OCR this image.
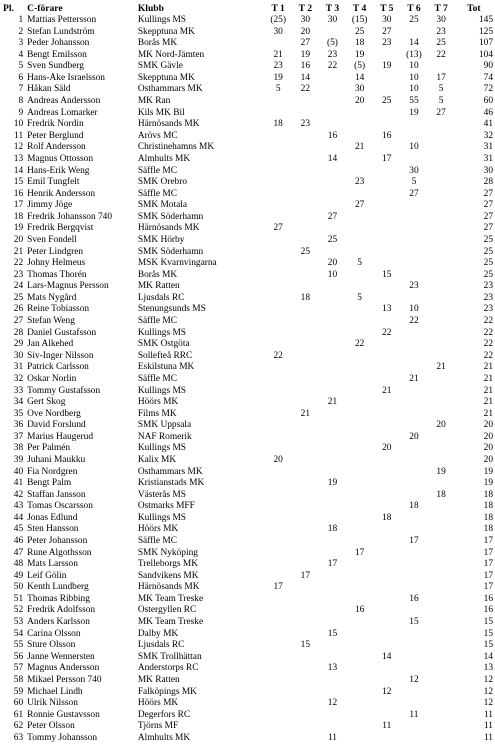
Pl.	C-förare	Klubb	T 1	T 2	T 3	T 4	T 5	T 6	T 7	Tot
1	Mattias Pettersson	Kullings MS	(25)	30	30	(15)	30	25	30	145
2	Stefan Lundström	Skepptuna MK	30	20		25	27		23	125
3	Peder Johansson	Borås MK		27	(5)	18	23	14	25	107
4	Bengt Emilsson	MK Nord-Jämten	21	19	23	19		(13)	22	104
5	Sven Sundberg	SMK Gävle	23	16	22	(5)	19	10		90
6	Hans-Åke Israelsson	Skepptuna MK	19	14		14		10	17	74
7	Håkan Säld	Östhammars MK	5	22		30		10	5	72
8	Andreas Andersson	MK Ran				20	25	55	5	60
9	Andreas Lomarker	Kils MK Bil						19	27	46
10	Fredrik Nordin	Härnösands MK	18	23						41
11	Peter Berglund	Arövs MC			16		16			32
12	Rolf Andersson	Christinehamns MK				21		10		31
13	Magnus Ottosson	Älmhults MK			14		17			31
14	Hans-Erik Weng	Säffle MC						30		30
15	Emil Tungfelt	SMK Örebro				23		5		28
16	Henrik Andersson	Säffle MC						27		27
17	Jimmy Jöge	SMK Motala				27				27
18	Fredrik Johansson 740	SMK Söderhamn			27					27
19	Fredrik Bergqvist	Härnösands MK	27							27
20	Sven Fondell	SMK Hörby			25					25
21	Peter Lindgren	SMK Söderhamn		25						25
22	Johny Helmeus	MSK Kvarnvingarna			20	5				25
23	Thomas Thorén	Borås MK			10		15			25
24	Lars-Magnus Persson	MK Ratten						23		23
25	Mats Nygård	Ljusdals RC		18		5				23
26	Reine Tobiasson	Stenungsunds MS					13	10		23
27	Stefan Weng	Säffle MC						22		22
28	Daniel Gustafsson	Kullings MS					22			22
29	Jan Alkehed	SMK Östgöta				22				22
30	Siv-Inger Nilsson	Sollefteå RRC	22							22
31	Patrick Carlsson	Eskilstuna MK							21	21
32	Oskar Norlin	Säffle MC						21		21
33	Tommy Gustafsson	Kullings MS					21			21
34	Gert Skog	Höörs MK			21					21
35	Ove Nordberg	Films MK		21						21
36	David Forslund	SMK Uppsala							20	20
37	Marius Haugerud	NAF Romerik						20		20
38	Per Palmén	Kullings MS					20			20
39	Juhani Maukku	Kalix MK	20							20
40	Fia Nordgren	Östhammars MK							19	19
41	Bengt Palm	Kristianstads MK			19					19
42	Staffan Jansson	Västerås MS							18	18
43	Tomas Oscarsson	Östmarks MFF						18		18
44	Jonas Edlund	Kullings MS					18			18
45	Sten Hansson	Höörs MK			18					18
46	Peter Johansson	Säffle MC						17		17
47	Rune Algothsson	SMK Nyköping				17				17
48	Mats Larsson	Trelleborgs MK			17					17
49	Leif Gölin	Sandvikens MK		17						17
50	Kenth Lundberg	Härnösands MK	17							17
51	Thomas Ribbing	MK Team Treske						16		16
52	Fredrik Adolfsson	Östergyllen RC				16				16
53	Anders Karlsson	MK Team Treske						15		15
54	Carina Olsson	Dalby MK			15					15
55	Sture Olsson	Ljusdals RC		15						15
56	Janne Wennersten	SMK Trollhättan					14			14
57	Magnus Andersson	Anderstorps RC			13					13
58	Mikael Persson 740	MK Ratten						12		12
59	Michael Lindh	Falköpings MK					12			12
60	Ulrik Nilsson	Höörs MK			12					12
61	Ronnie Gustavsson	Degerfors RC						11		11
62	Peter Olsson	Tjörns MF					11			11
63	Tommy Johansson	Älmhults MK			11					11
